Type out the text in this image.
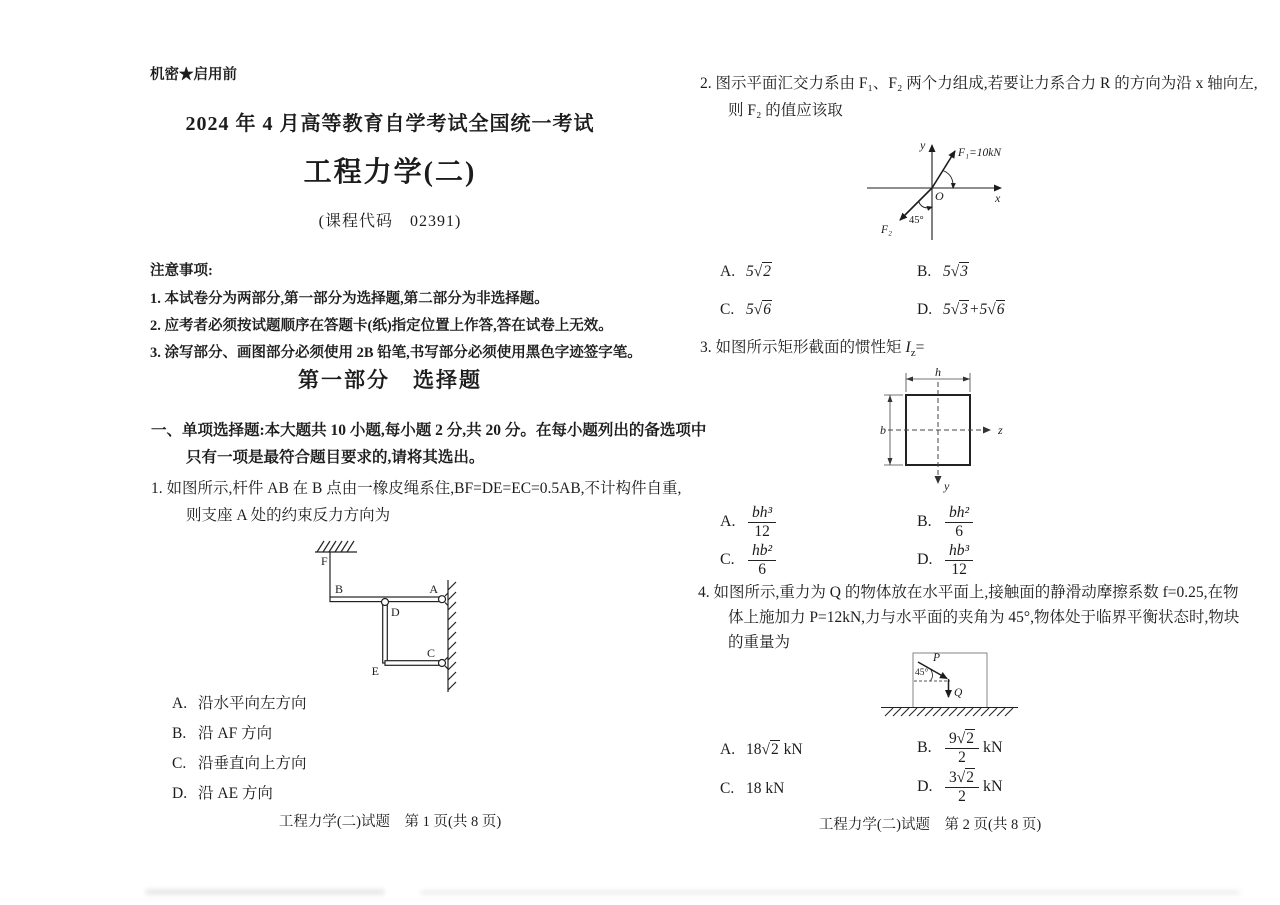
机密★启用前
2024 年 4 月高等教育自学考试全国统一考试
工程力学(二)
(课程代码　02391)
注意事项:
1. 本试卷分为两部分,第一部分为选择题,第二部分为非选择题。
2. 应考者必须按试题顺序在答题卡(纸)指定位置上作答,答在试卷上无效。
3. 涂写部分、画图部分必须使用 2B 铅笔,书写部分必须使用黑色字迹签字笔。
第一部分　选择题
一、单项选择题:本大题共 10 小题,每小题 2 分,共 20 分。在每小题列出的备选项中
只有一项是最符合题目要求的,请将其选出。
1. 如图所示,杆件 AB 在 B 点由一橡皮绳系住,BF=DE=EC=0.5AB,不计构件自重,
则支座 A 处的约束反力方向为
F
B	A
D
E
C
A. 沿水平向左方向
B. 沿 AF 方向
C. 沿垂直向上方向
D. 沿 AE 方向
工程力学(二)试题　第 1 页(共 8 页)
2. 图示平面汇交力系由 F₁、F₂ 两个力组成,若要让力系合力 R 的方向为沿 x 轴向左,
则 F₂ 的值应该取
y
x
O
F₁=10kN
F₂
45°
A. 5√2	B. 5√3
C. 5√6	D. 5√3+5√6
3. 如图所示矩形截面的惯性矩 $I_z=$
h
b	z
y
A. $\frac{\text{bh³}}{12}$	B. $\frac{\text{bh²}}{6}$
C. $\frac{\text{hb²}}{6}$	D. $\frac{\text{hb³}}{12}$
4. 如图所示,重力为 Q 的物体放在水平面上,接触面的静滑动摩擦系数 f=0.25,在物
体上施加力 P=12kN,力与水平面的夹角为 45°,物体处于临界平衡状态时,物块
的重量为
P
Q
45°
A. 18√2 kN	B. $\frac{9√2}{2}$ kN
C. 18 kN	D. $\frac{3√2}{2}$ kN
工程力学(二)试题　第 2 页(共 8 页)
